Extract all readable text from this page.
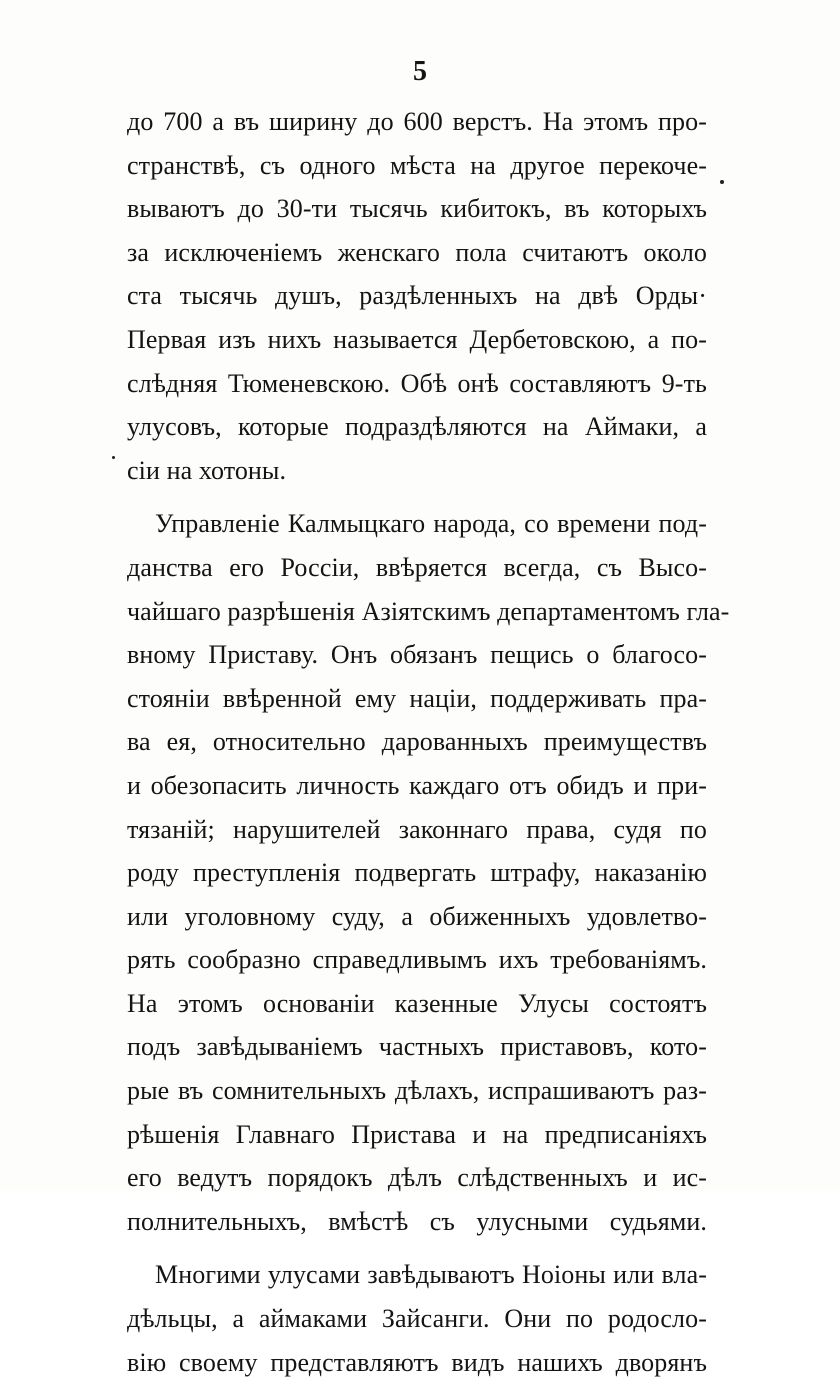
5
до 700 а въ ширину до 600 верстъ. На этомъ про-
странствѣ, съ одного мѣста на другое перекоче-
вываютъ до 30-ти тысячь кибитокъ, въ которыхъ
за исключеніемъ женскаго пола считаютъ около
ста тысячь душъ, раздѣленныхъ на двѣ Орды·
Первая изъ нихъ называется Дербетовскою, а по-
слѣдняя Тюменевскою. Обѣ онѣ составляютъ 9-ть
улусовъ, которые подраздѣляются на Аймаки, а
сіи на хотоны.
Управленіе Калмыцкаго народа, со времени под-
данства его Россіи, ввѣряется всегда, съ Высо-
чайшаго разрѣшенія Азіятскимъ департаментомъ гла-
вному Приставу. Онъ обязанъ пещись о благосо-
стояніи ввѣренной ему націи, поддерживать пра-
ва ея, относительно дарованныхъ преимуществъ
и обезопасить личность каждаго отъ обидъ и при-
тязаній; нарушителей законнаго права, судя по
роду преступленія подвергать штрафу, наказанію
или уголовному суду, а обиженныхъ удовлетво-
рять сообразно справедливымъ ихъ требованіямъ.
На этомъ основаніи казенные Улусы состоятъ
подъ завѣдываніемъ частныхъ приставовъ, кото-
рые въ сомнительныхъ дѣлахъ, испрашиваютъ раз-
рѣшенія Главнаго Пристава и на предписаніяхъ
его ведутъ порядокъ дѣлъ слѣдственныхъ и ис-
полнительныхъ, вмѣстѣ съ улусными судьями.
Многими улусами завѣдываютъ Ноіоны или вла-
дѣльцы, а аймаками Зайсанги. Они по родосло-
вію своему представляютъ видъ нашихъ дворянъ
